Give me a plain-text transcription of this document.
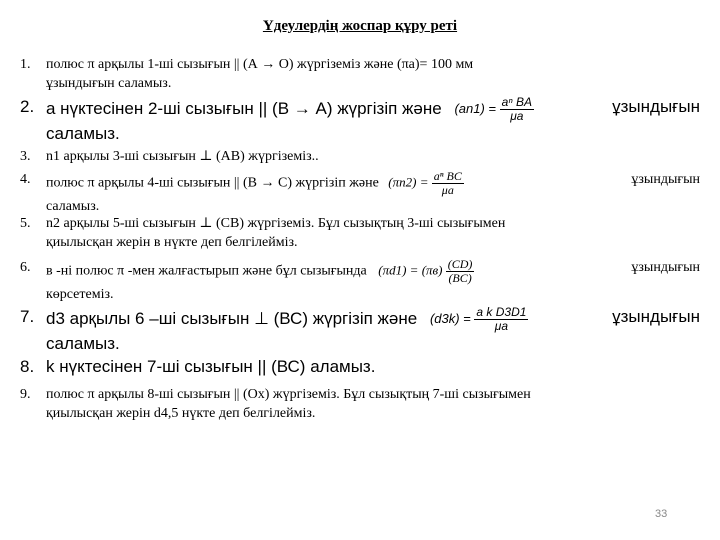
Үдеулердің жоспар құру реті
1.	полюс π арқылы 1-ші сызығын || (А → О) жүргіземіз және (πа)= 100 мм
ұзындығын саламыз.
2. а нүктесінен 2-ші сызығын || (В → А) жүргізіп және $(an1) = \frac{\text{aⁿ BA}}{\mu a}$	ұзындығын
саламыз.
3.	n1 арқылы 3-ші сызығын ⊥ (АВ) жүргіземіз..
4.	полюс π арқылы 4-ші сызығын || (В → С) жүргізіп және $(\pi n2) = \frac{\text{aⁿ BC}}{\mu a}$	ұзындығын
саламыз.
5.	n2 арқылы 5-ші сызығын ⊥ (СВ) жүргіземіз. Бұл сызықтың 3-ші сызығымен
қиылысқан жерін в нүкте деп белгілейміз.
6.	в -ні полюс π -мен жалғастырып және бұл сызығында $(\pi d1) = (\pi в) \frac{(CD)}{(BC)}$	ұзындығын
көрсетеміз.
7. d3 арқылы 6 –шi сызығын ⊥ (ВС) жүргізіп және $(d3k) = \frac{\text{a k D3D1}}{\mu a}$	ұзындығын
саламыз.
8. k нүктесінен 7-ші сызығын || (ВС) аламыз.
9.	полюс π арқылы 8-ші сызығын || (Ох) жүргіземіз. Бұл сызықтың 7-ші сызығымен
қиылысқан жерін d4,5 нүкте деп белгілейміз.
33
